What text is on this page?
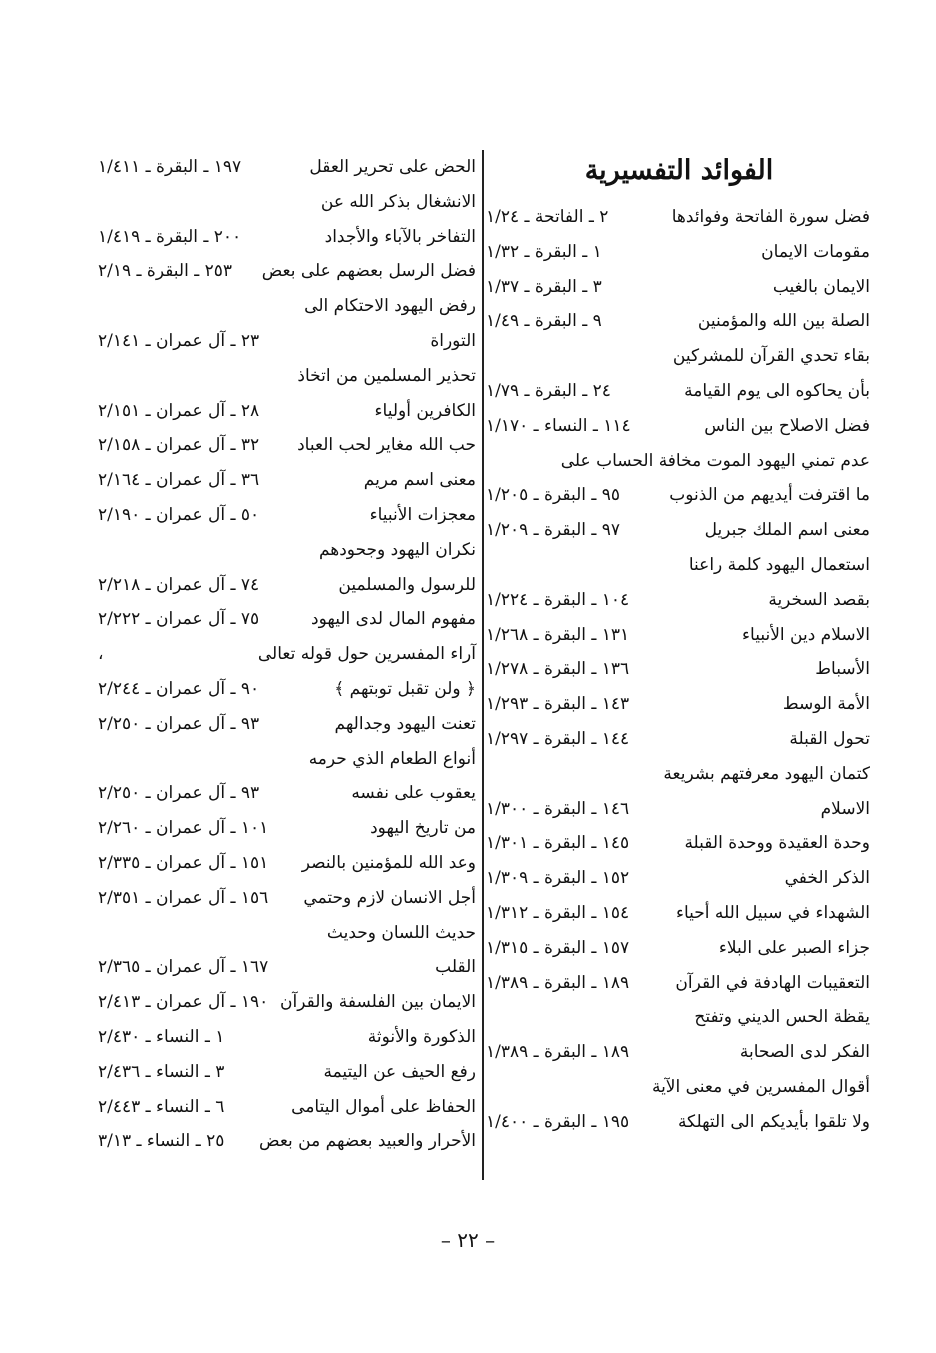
الفوائد التفسيرية
فضل سورة الفاتحة وفوائدها
٢ ـ الفاتحة ـ ١/٢٤
مقومات الايمان
١ ـ البقرة ـ ١/٣٢
الايمان بالغيب
٣ ـ البقرة ـ ١/٣٧
الصلة بين الله والمؤمنين
٩ ـ البقرة ـ ١/٤٩
بقاء تحدي القرآن للمشركين
بأن يحاكوه الى يوم القيامة
٢٤ ـ البقرة ـ ١/٧٩
فضل الاصلاح بين الناس
١١٤ ـ النساء ـ ١/١٧٠
عدم تمني اليهود الموت مخافة الحساب على
ما اقترفت أيديهم من الذنوب
٩٥ ـ البقرة ـ ١/٢٠٥
معنى اسم الملك جبريل
٩٧ ـ البقرة ـ ١/٢٠٩
استعمال اليهود كلمة راعنا
بقصد السخرية
١٠٤ ـ البقرة ـ ١/٢٢٤
الاسلام دين الأنبياء
١٣١ ـ البقرة ـ ١/٢٦٨
الأسباط
١٣٦ ـ البقرة ـ ١/٢٧٨
الأمة الوسط
١٤٣ ـ البقرة ـ ١/٢٩٣
تحول القبلة
١٤٤ ـ البقرة ـ ١/٢٩٧
كتمان اليهود معرفتهم بشريعة
الاسلام
١٤٦ ـ البقرة ـ ١/٣٠٠
وحدة العقيدة ووحدة القبلة
١٤٥ ـ البقرة ـ ١/٣٠١
الذكر الخفي
١٥٢ ـ البقرة ـ ١/٣٠٩
الشهداء في سبيل الله أحياء
١٥٤ ـ البقرة ـ ١/٣١٢
جزاء الصبر على البلاء
١٥٧ ـ البقرة ـ ١/٣١٥
التعقيبات الهادفة في القرآن
١٨٩ ـ البقرة ـ ١/٣٨٩
يقظة الحس الديني وتفتح
الفكر لدى الصحابة
١٨٩ ـ البقرة ـ ١/٣٨٩
أقوال المفسرين في معنى الآية
ولا تلقوا بأيديكم الى التهلكة
١٩٥ ـ البقرة ـ ١/٤٠٠
الحض على تحرير العقل
١٩٧ ـ البقرة ـ ١/٤١١
الانشغال بذكر الله عن
التفاخر بالآباء والأجداد
٢٠٠ ـ البقرة ـ ١/٤١٩
فضل الرسل بعضهم على بعض
٢٥٣ ـ البقرة ـ ٢/١٩
رفض اليهود الاحتكام الى
التوراة
٢٣ ـ آل عمران ـ ٢/١٤١
تحذير المسلمين من اتخاذ
الكافرين أولياء
٢٨ ـ آل عمران ـ ٢/١٥١
حب الله مغاير لحب العباد
٣٢ ـ آل عمران ـ ٢/١٥٨
معنى اسم مريم
٣٦ ـ آل عمران ـ ٢/١٦٤
معجزات الأنبياء
٥٠ ـ آل عمران ـ ٢/١٩٠
نكران اليهود وجحودهم
للرسول والمسلمين
٧٤ ـ آل عمران ـ ٢/٢١٨
مفهوم المال لدى اليهود
٧٥ ـ آل عمران ـ ٢/٢٢٢
آراء المفسرين حول قوله تعالى
،
﴿ ولن تقبل توبتهم ﴾
٩٠ ـ آل عمران ـ ٢/٢٤٤
تعنت اليهود وجدالهم
٩٣ ـ آل عمران ـ ٢/٢٥٠
أنواع الطعام الذي حرمه
يعقوب على نفسه
٩٣ ـ آل عمران ـ ٢/٢٥٠
من تاريخ اليهود
١٠١ ـ آل عمران ـ ٢/٢٦٠
وعد الله للمؤمنين بالنصر
١٥١ ـ آل عمران ـ ٢/٣٣٥
أجل الانسان لازم وحتمي
١٥٦ ـ آل عمران ـ ٢/٣٥١
حديث اللسان وحديث
القلب
١٦٧ ـ آل عمران ـ ٢/٣٦٥
الايمان بين الفلسفة والقرآن
١٩٠ ـ آل عمران ـ ٢/٤١٣
الذكورة والأنوثة
١ ـ النساء ـ ٢/٤٣٠
رفع الحيف عن اليتيمة
٣ ـ النساء ـ ٢/٤٣٦
الحفاظ على أموال اليتامى
٦ ـ النساء ـ ٢/٤٤٣
الأحرار والعبيد بعضهم من بعض
٢٥ ـ النساء ـ ٣/١٣
– ٢٢ –
